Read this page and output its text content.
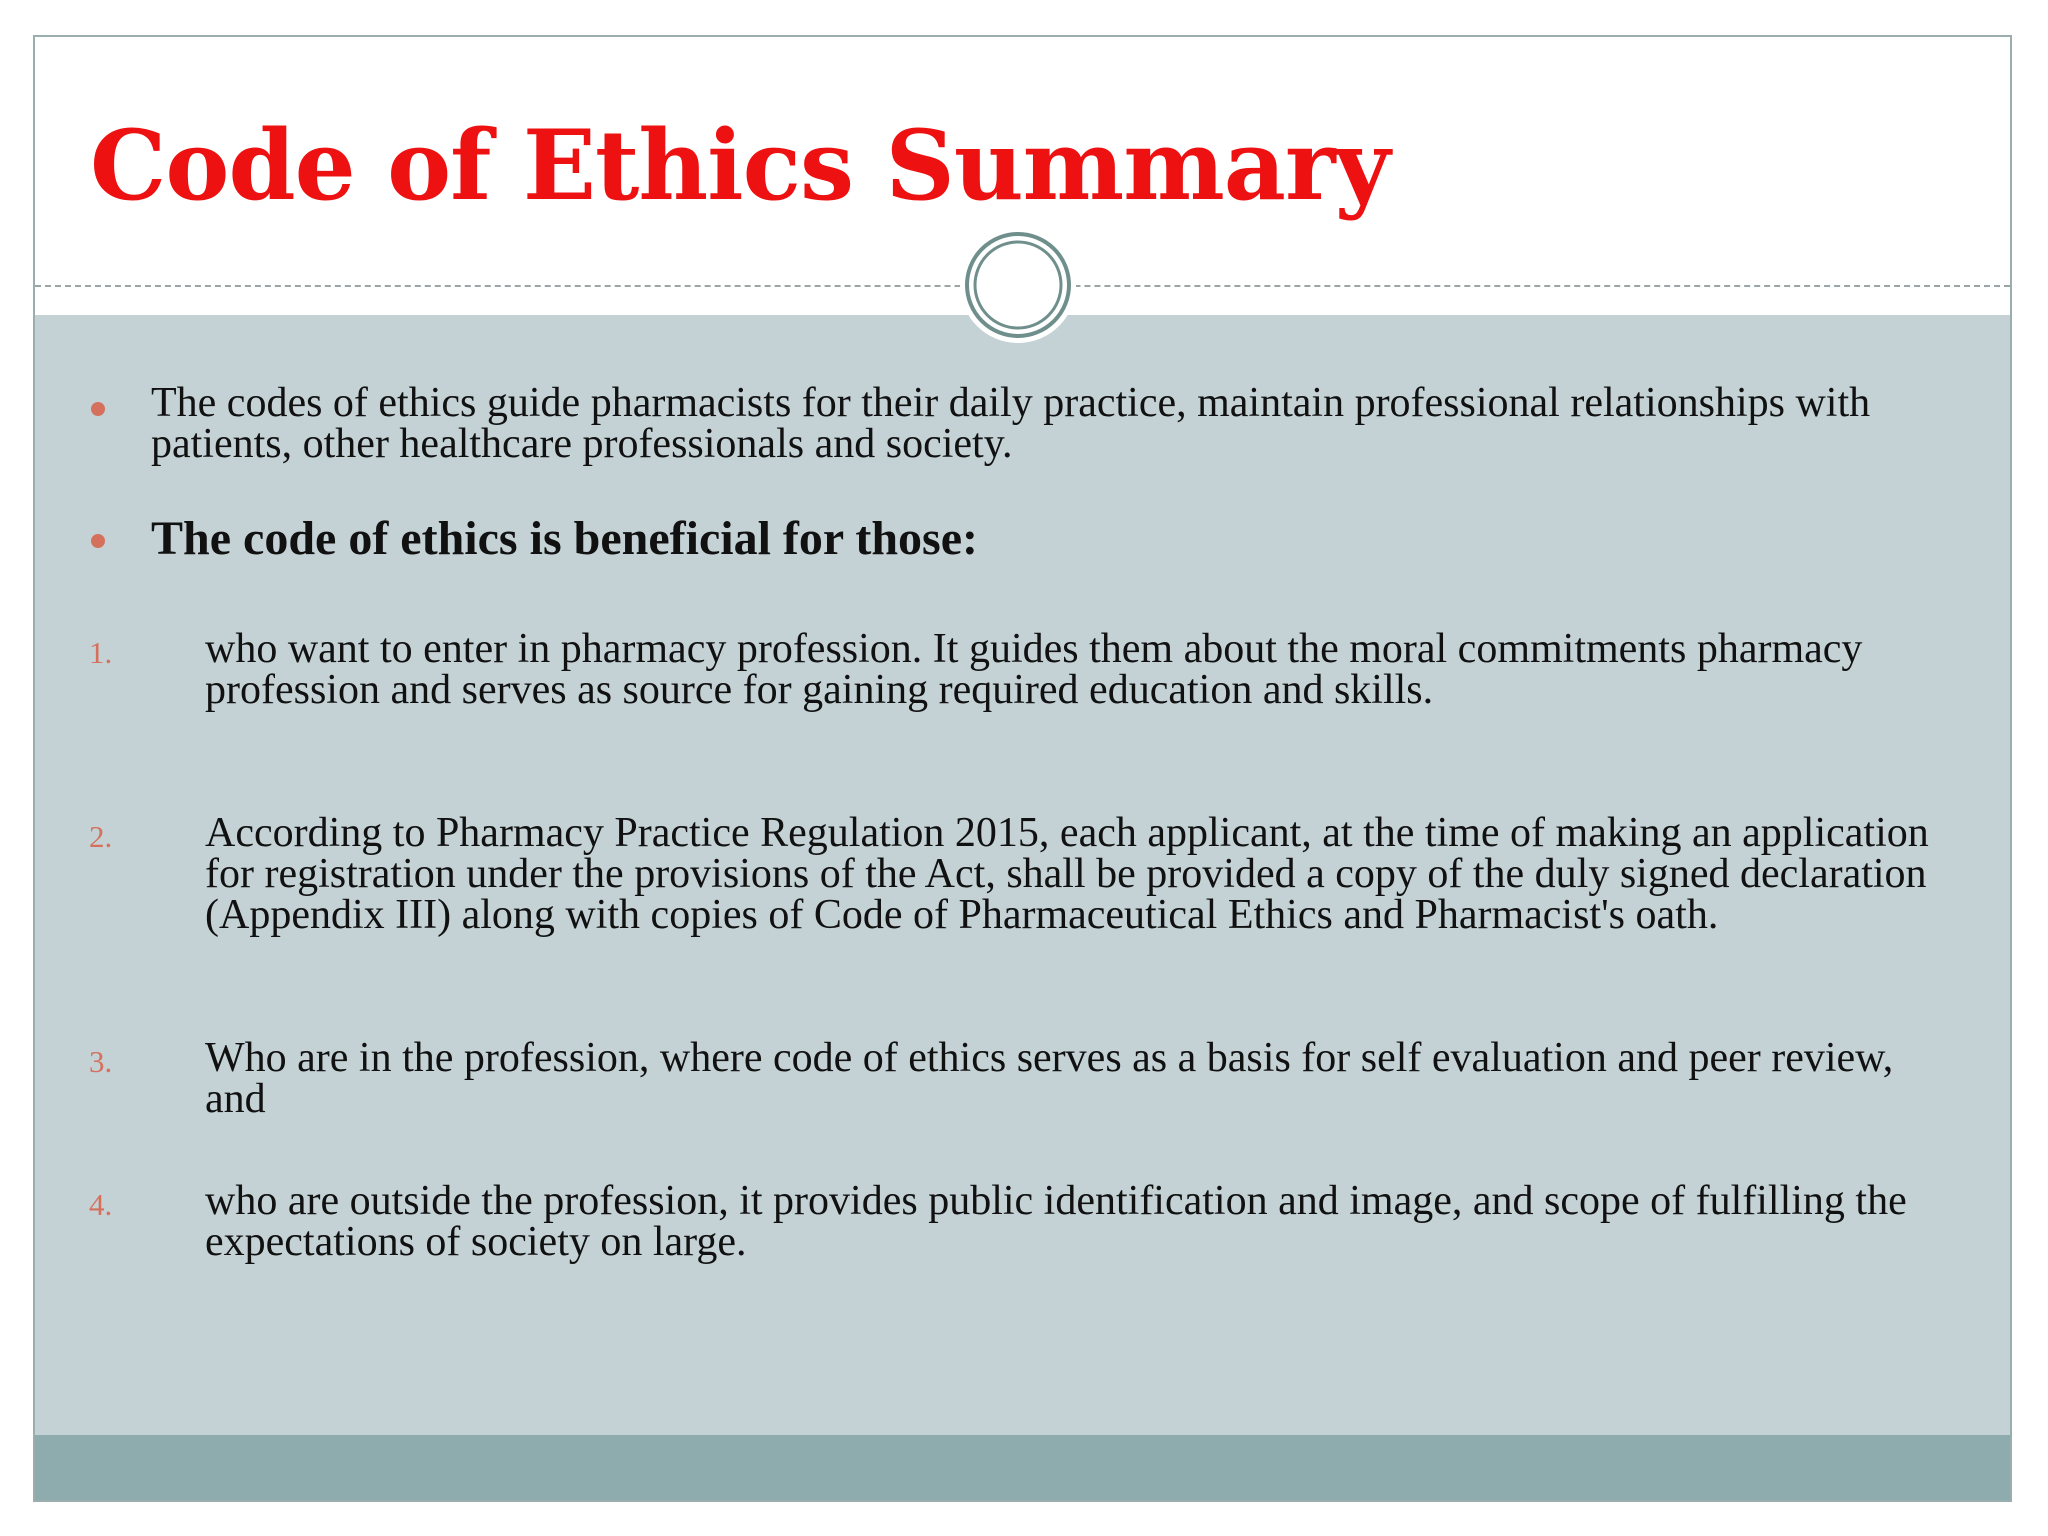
Code of Ethics Summary
The codes of ethics guide pharmacists for their daily practice, maintain professional relationships with patients, other healthcare professionals and society.
The code of ethics is beneficial for those:
1. who want to enter in pharmacy profession. It guides them about the moral commitments pharmacy profession and serves as source for gaining required education and skills.
2. According to Pharmacy Practice Regulation 2015, each applicant, at the time of making an application for registration under the provisions of the Act, shall be provided a copy of the duly signed declaration (Appendix III) along with copies of Code of Pharmaceutical Ethics and Pharmacist's oath.
3. Who are in the profession, where code of ethics serves as a basis for self evaluation and peer review, and
4. who are outside the profession, it provides public identification and image, and scope of fulfilling the expectations of society on large.
